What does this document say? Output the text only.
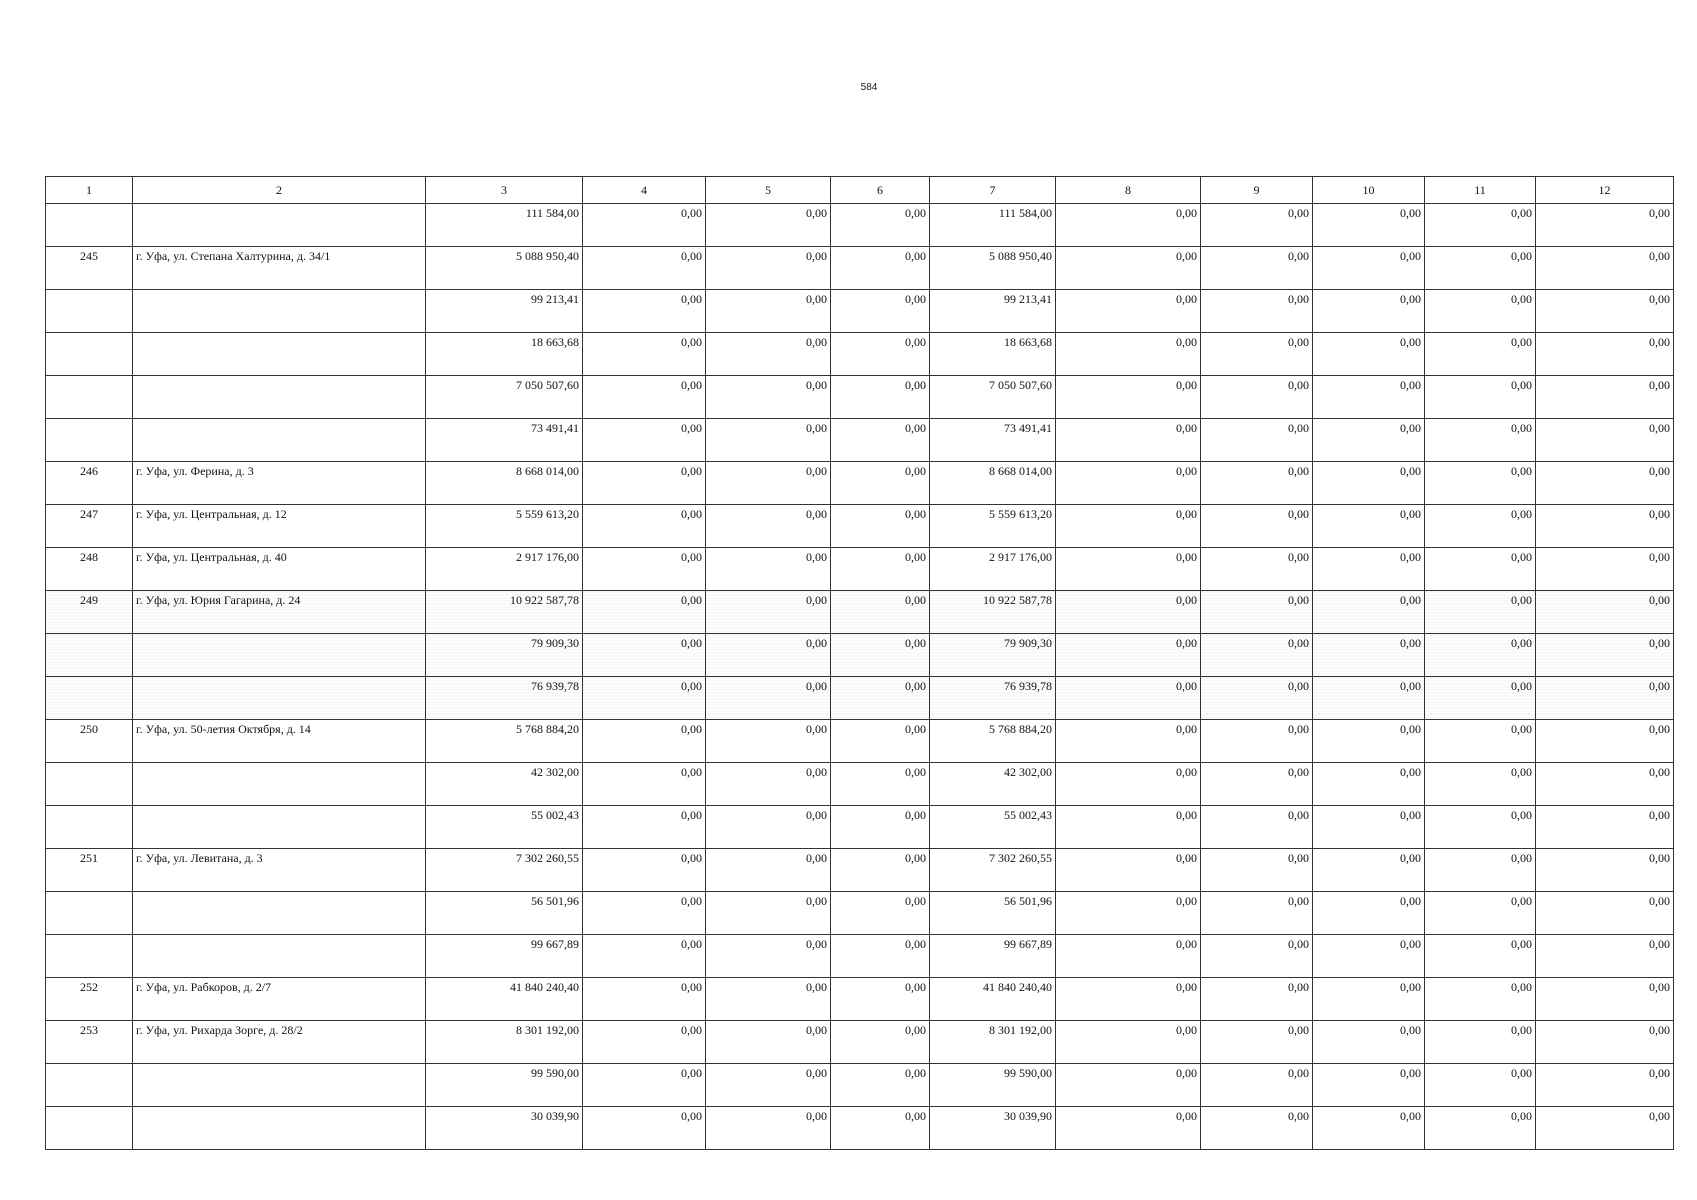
584
1	2	3	4	5	6	7	8	9	10	11	12
		111 584,00	0,00	0,00	0,00	111 584,00	0,00	0,00	0,00	0,00	0,00
245	г. Уфа, ул. Степана Халтурина, д. 34/1	5 088 950,40	0,00	0,00	0,00	5 088 950,40	0,00	0,00	0,00	0,00	0,00
		99 213,41	0,00	0,00	0,00	99 213,41	0,00	0,00	0,00	0,00	0,00
		18 663,68	0,00	0,00	0,00	18 663,68	0,00	0,00	0,00	0,00	0,00
		7 050 507,60	0,00	0,00	0,00	7 050 507,60	0,00	0,00	0,00	0,00	0,00
		73 491,41	0,00	0,00	0,00	73 491,41	0,00	0,00	0,00	0,00	0,00
246	г. Уфа, ул. Ферина, д. 3	8 668 014,00	0,00	0,00	0,00	8 668 014,00	0,00	0,00	0,00	0,00	0,00
247	г. Уфа, ул. Центральная, д. 12	5 559 613,20	0,00	0,00	0,00	5 559 613,20	0,00	0,00	0,00	0,00	0,00
248	г. Уфа, ул. Центральная, д. 40	2 917 176,00	0,00	0,00	0,00	2 917 176,00	0,00	0,00	0,00	0,00	0,00
249	г. Уфа, ул. Юрия Гагарина, д. 24	10 922 587,78	0,00	0,00	0,00	10 922 587,78	0,00	0,00	0,00	0,00	0,00
		79 909,30	0,00	0,00	0,00	79 909,30	0,00	0,00	0,00	0,00	0,00
		76 939,78	0,00	0,00	0,00	76 939,78	0,00	0,00	0,00	0,00	0,00
250	г. Уфа, ул. 50-летия Октября, д. 14	5 768 884,20	0,00	0,00	0,00	5 768 884,20	0,00	0,00	0,00	0,00	0,00
		42 302,00	0,00	0,00	0,00	42 302,00	0,00	0,00	0,00	0,00	0,00
		55 002,43	0,00	0,00	0,00	55 002,43	0,00	0,00	0,00	0,00	0,00
251	г. Уфа, ул. Левитана, д. 3	7 302 260,55	0,00	0,00	0,00	7 302 260,55	0,00	0,00	0,00	0,00	0,00
		56 501,96	0,00	0,00	0,00	56 501,96	0,00	0,00	0,00	0,00	0,00
		99 667,89	0,00	0,00	0,00	99 667,89	0,00	0,00	0,00	0,00	0,00
252	г. Уфа, ул. Рабкоров, д. 2/7	41 840 240,40	0,00	0,00	0,00	41 840 240,40	0,00	0,00	0,00	0,00	0,00
253	г. Уфа, ул. Рихарда Зорге, д. 28/2	8 301 192,00	0,00	0,00	0,00	8 301 192,00	0,00	0,00	0,00	0,00	0,00
		99 590,00	0,00	0,00	0,00	99 590,00	0,00	0,00	0,00	0,00	0,00
		30 039,90	0,00	0,00	0,00	30 039,90	0,00	0,00	0,00	0,00	0,00
